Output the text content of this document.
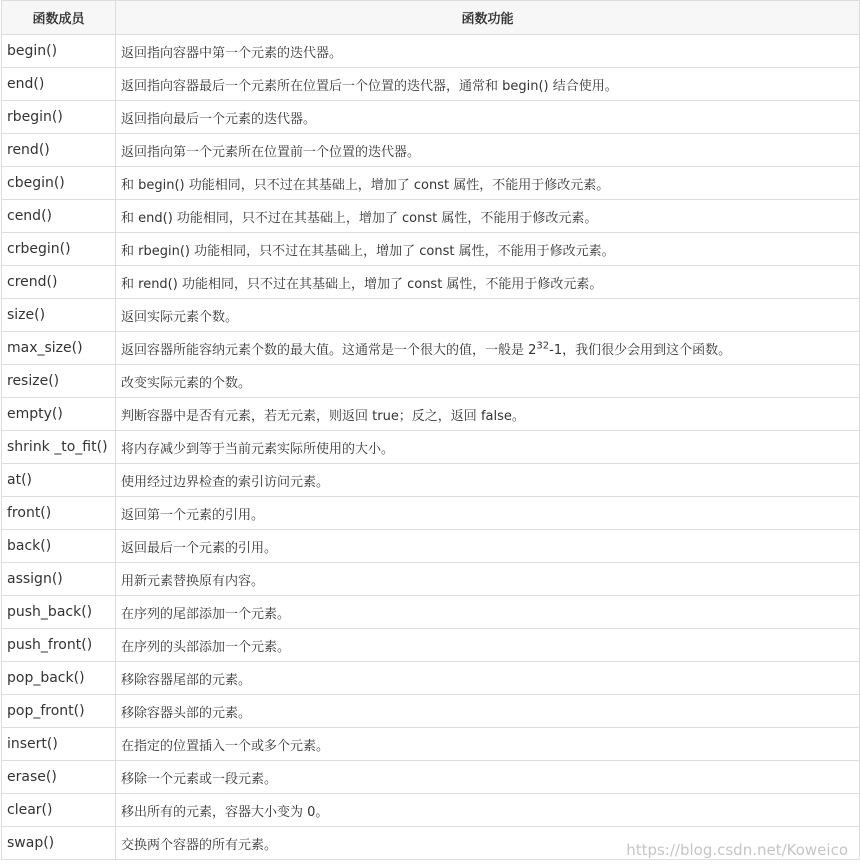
函数成员	函数功能
begin()	返回指向容器中第一个元素的迭代器。
end()	返回指向容器最后一个元素所在位置后一个位置的迭代器，通常和 begin() 结合使用。
rbegin()	返回指向最后一个元素的迭代器。
rend()	返回指向第一个元素所在位置前一个位置的迭代器。
cbegin()	和 begin() 功能相同，只不过在其基础上，增加了 const 属性，不能用于修改元素。
cend()	和 end() 功能相同，只不过在其基础上，增加了 const 属性，不能用于修改元素。
crbegin()	和 rbegin() 功能相同，只不过在其基础上，增加了 const 属性，不能用于修改元素。
crend()	和 rend() 功能相同，只不过在其基础上，增加了 const 属性，不能用于修改元素。
size()	返回实际元素个数。
max_size()	返回容器所能容纳元素个数的最大值。这通常是一个很大的值，一般是 $2^{32}-1$，我们很少会用到这个函数。
resize()	改变实际元素的个数。
empty()	判断容器中是否有元素，若无元素，则返回 true；反之，返回 false。
shrink _to_fit()	将内存减少到等于当前元素实际所使用的大小。
at()	使用经过边界检查的索引访问元素。
front()	返回第一个元素的引用。
back()	返回最后一个元素的引用。
assign()	用新元素替换原有内容。
push_back()	在序列的尾部添加一个元素。
push_front()	在序列的头部添加一个元素。
pop_back()	移除容器尾部的元素。
pop_front()	移除容器头部的元素。
insert()	在指定的位置插入一个或多个元素。
erase()	移除一个元素或一段元素。
clear()	移出所有的元素，容器大小变为 0。
swap()	交换两个容器的所有元素。	https://blog.csdn.net/Koweico
